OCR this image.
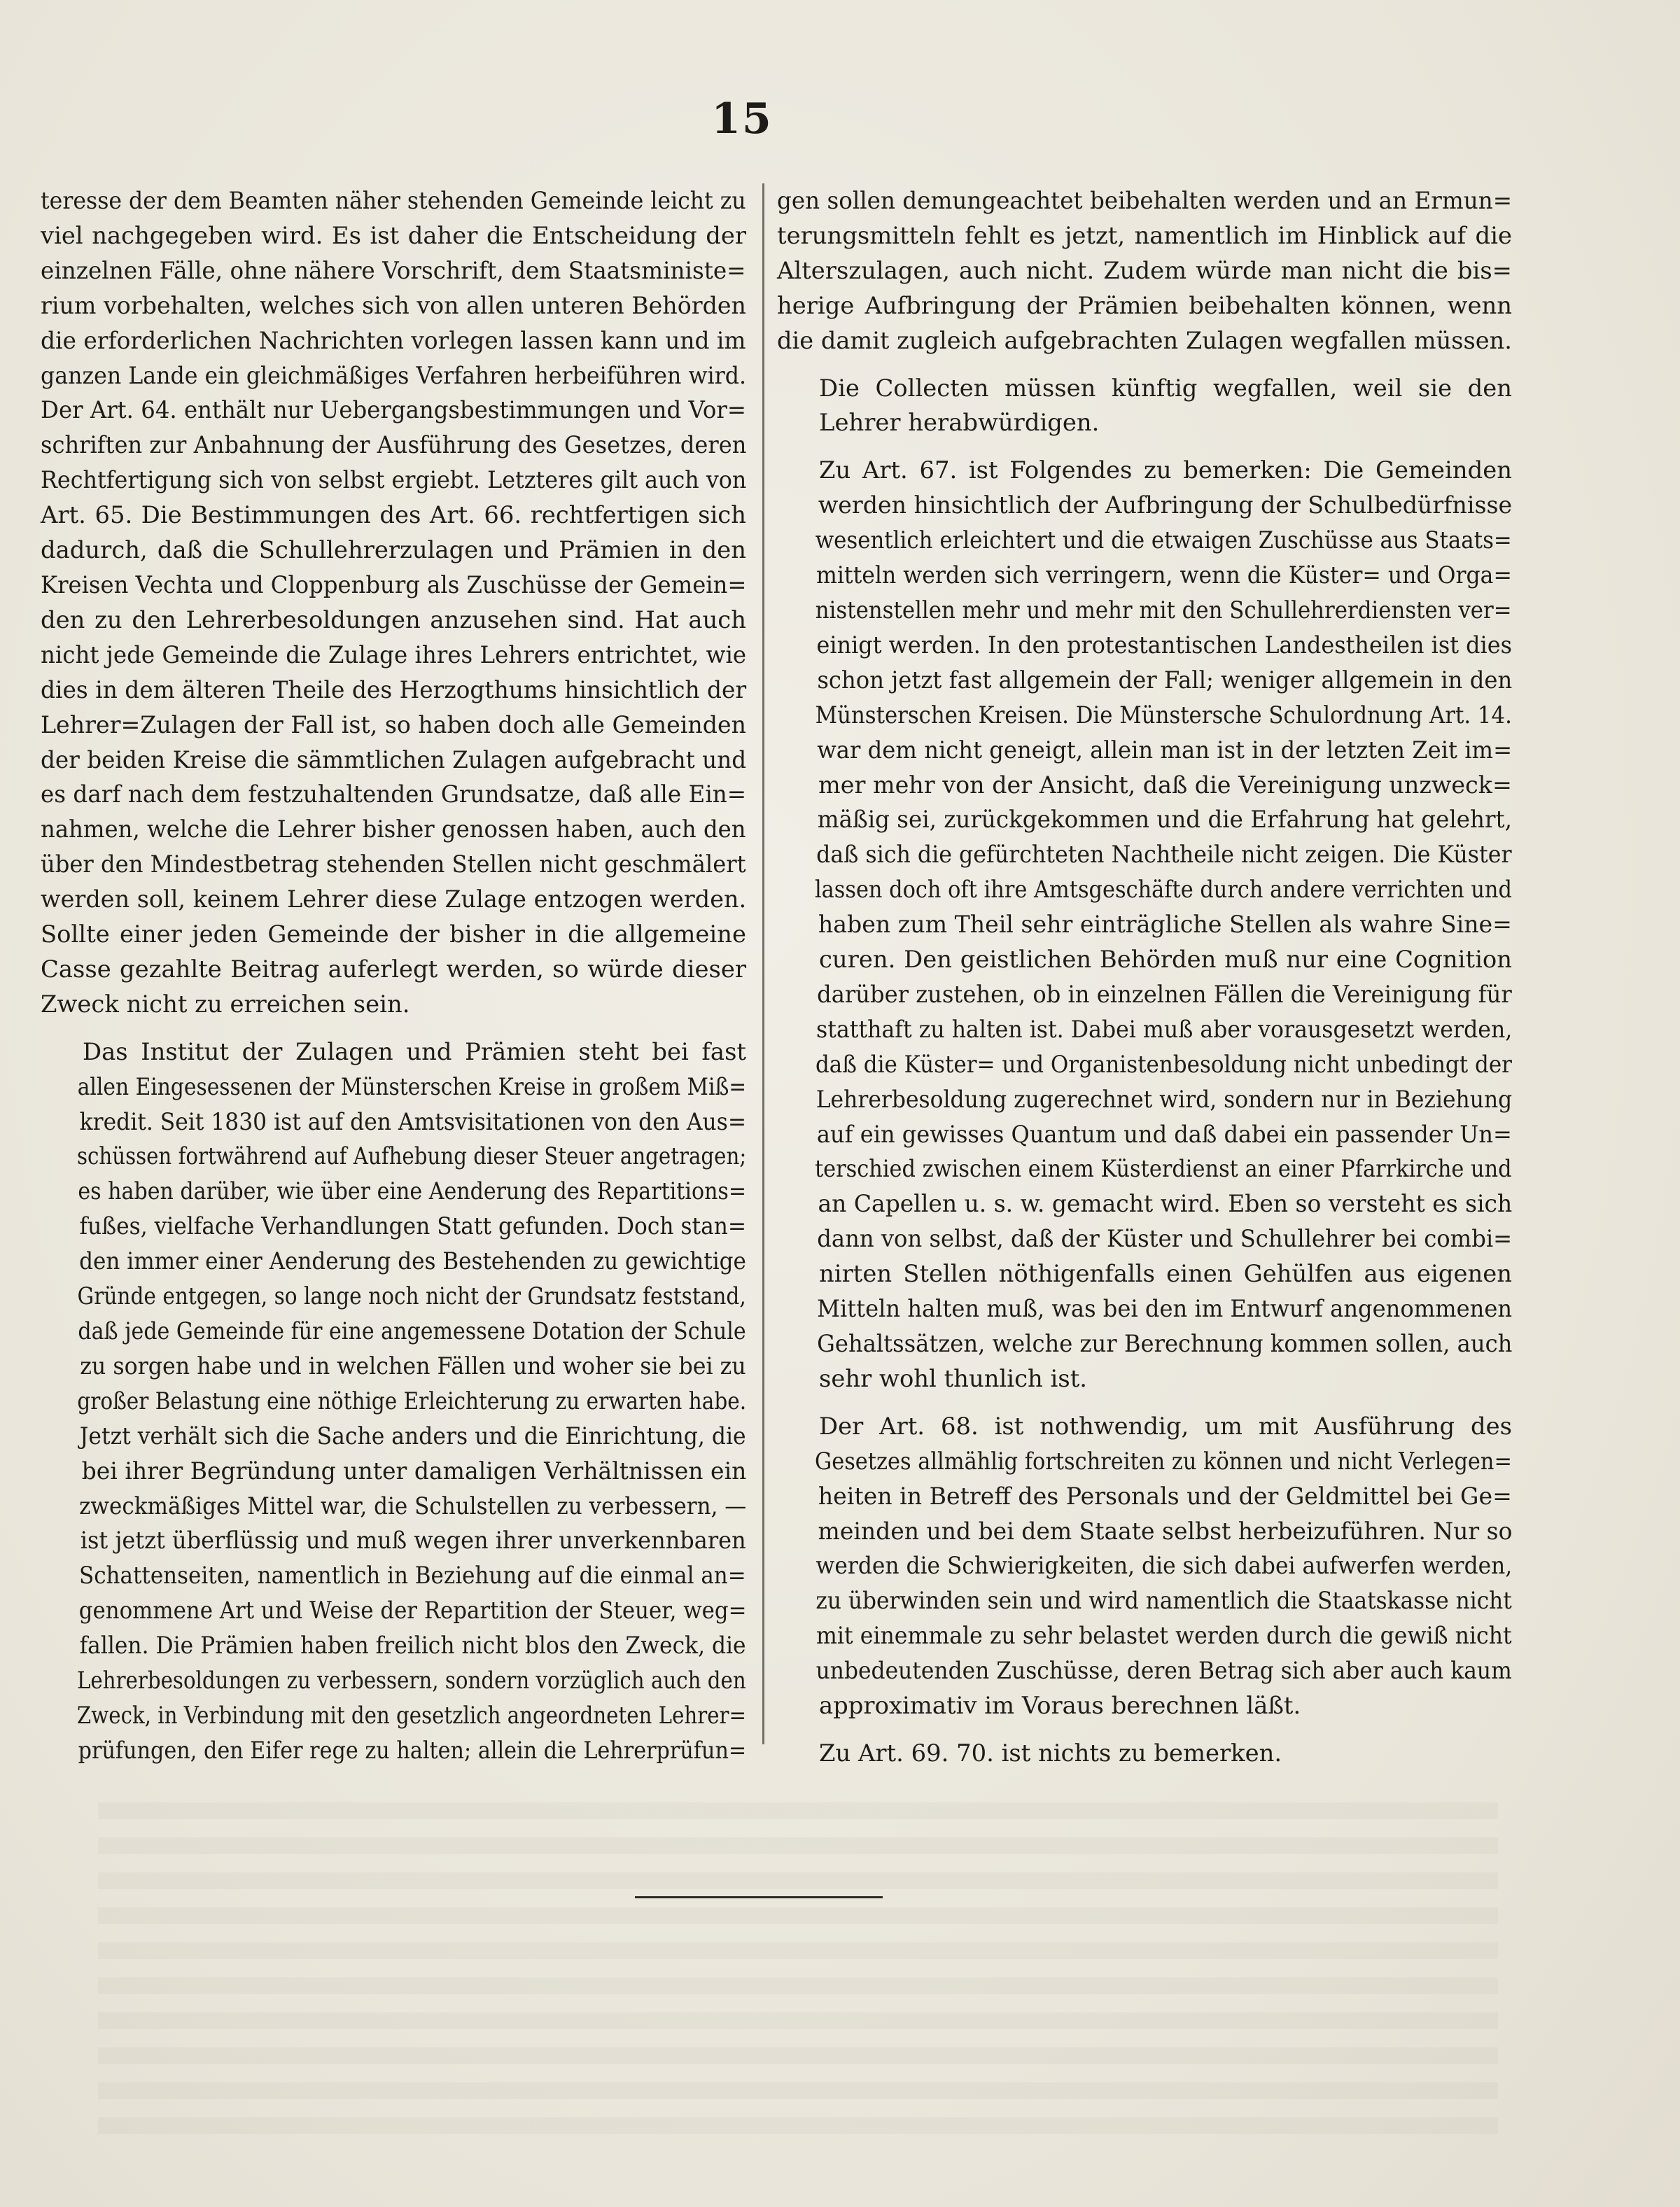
15

teresse der dem Beamten näher stehenden Gemeinde leicht zu
viel nachgegeben wird. Es ist daher die Entscheidung der
einzelnen Fälle, ohne nähere Vorschrift, dem Staatsministe=
rium vorbehalten, welches sich von allen unteren Behörden
die erforderlichen Nachrichten vorlegen lassen kann und im
ganzen Lande ein gleichmäßiges Verfahren herbeiführen wird.
Der Art. 64. enthält nur Uebergangsbestimmungen und Vor=
schriften zur Anbahnung der Ausführung des Gesetzes, deren
Rechtfertigung sich von selbst ergiebt. Letzteres gilt auch von
Art. 65. Die Bestimmungen des Art. 66. rechtfertigen sich
dadurch, daß die Schullehrerzulagen und Prämien in den
Kreisen Vechta und Cloppenburg als Zuschüsse der Gemein=
den zu den Lehrerbesoldungen anzusehen sind. Hat auch
nicht jede Gemeinde die Zulage ihres Lehrers entrichtet, wie
dies in dem älteren Theile des Herzogthums hinsichtlich der
Lehrer=Zulagen der Fall ist, so haben doch alle Gemeinden
der beiden Kreise die sämmtlichen Zulagen aufgebracht und
es darf nach dem festzuhaltenden Grundsatze, daß alle Ein=
nahmen, welche die Lehrer bisher genossen haben, auch den
über den Mindestbetrag stehenden Stellen nicht geschmälert
werden soll, keinem Lehrer diese Zulage entzogen werden.
Sollte einer jeden Gemeinde der bisher in die allgemeine
Casse gezahlte Beitrag auferlegt werden, so würde dieser
Zweck nicht zu erreichen sein.

Das Institut der Zulagen und Prämien steht bei fast
allen Eingesessenen der Münsterschen Kreise in großem Miß=
kredit. Seit 1830 ist auf den Amtsvisitationen von den Aus=
schüssen fortwährend auf Aufhebung dieser Steuer angetragen;
es haben darüber, wie über eine Aenderung des Repartitions=
fußes, vielfache Verhandlungen Statt gefunden. Doch stan=
den immer einer Aenderung des Bestehenden zu gewichtige
Gründe entgegen, so lange noch nicht der Grundsatz feststand,
daß jede Gemeinde für eine angemessene Dotation der Schule
zu sorgen habe und in welchen Fällen und woher sie bei zu
großer Belastung eine nöthige Erleichterung zu erwarten habe.
Jetzt verhält sich die Sache anders und die Einrichtung, die
bei ihrer Begründung unter damaligen Verhältnissen ein
zweckmäßiges Mittel war, die Schulstellen zu verbessern, —
ist jetzt überflüssig und muß wegen ihrer unverkennbaren
Schattenseiten, namentlich in Beziehung auf die einmal an=
genommene Art und Weise der Repartition der Steuer, weg=
fallen. Die Prämien haben freilich nicht blos den Zweck, die
Lehrerbesoldungen zu verbessern, sondern vorzüglich auch den
Zweck, in Verbindung mit den gesetzlich angeordneten Lehrer=
prüfungen, den Eifer rege zu halten; allein die Lehrerprüfun=

gen sollen demungeachtet beibehalten werden und an Ermun=
terungsmitteln fehlt es jetzt, namentlich im Hinblick auf die
Alterszulagen, auch nicht. Zudem würde man nicht die bis=
herige Aufbringung der Prämien beibehalten können, wenn
die damit zugleich aufgebrachten Zulagen wegfallen müssen.

Die Collecten müssen künftig wegfallen, weil sie den
Lehrer herabwürdigen.

Zu Art. 67. ist Folgendes zu bemerken: Die Gemeinden
werden hinsichtlich der Aufbringung der Schulbedürfnisse
wesentlich erleichtert und die etwaigen Zuschüsse aus Staats=
mitteln werden sich verringern, wenn die Küster= und Orga=
nistenstellen mehr und mehr mit den Schullehrerdiensten ver=
einigt werden. In den protestantischen Landestheilen ist dies
schon jetzt fast allgemein der Fall; weniger allgemein in den
Münsterschen Kreisen. Die Münstersche Schulordnung Art. 14.
war dem nicht geneigt, allein man ist in der letzten Zeit im=
mer mehr von der Ansicht, daß die Vereinigung unzweck=
mäßig sei, zurückgekommen und die Erfahrung hat gelehrt,
daß sich die gefürchteten Nachtheile nicht zeigen. Die Küster
lassen doch oft ihre Amtsgeschäfte durch andere verrichten und
haben zum Theil sehr einträgliche Stellen als wahre Sine=
curen. Den geistlichen Behörden muß nur eine Cognition
darüber zustehen, ob in einzelnen Fällen die Vereinigung für
statthaft zu halten ist. Dabei muß aber vorausgesetzt werden,
daß die Küster= und Organistenbesoldung nicht unbedingt der
Lehrerbesoldung zugerechnet wird, sondern nur in Beziehung
auf ein gewisses Quantum und daß dabei ein passender Un=
terschied zwischen einem Küsterdienst an einer Pfarrkirche und
an Capellen u. s. w. gemacht wird. Eben so versteht es sich
dann von selbst, daß der Küster und Schullehrer bei combi=
nirten Stellen nöthigenfalls einen Gehülfen aus eigenen
Mitteln halten muß, was bei den im Entwurf angenommenen
Gehaltssätzen, welche zur Berechnung kommen sollen, auch
sehr wohl thunlich ist.

Der Art. 68. ist nothwendig, um mit Ausführung des
Gesetzes allmählig fortschreiten zu können und nicht Verlegen=
heiten in Betreff des Personals und der Geldmittel bei Ge=
meinden und bei dem Staate selbst herbeizuführen. Nur so
werden die Schwierigkeiten, die sich dabei aufwerfen werden,
zu überwinden sein und wird namentlich die Staatskasse nicht
mit einemmale zu sehr belastet werden durch die gewiß nicht
unbedeutenden Zuschüsse, deren Betrag sich aber auch kaum
approximativ im Voraus berechnen läßt.

Zu Art. 69. 70. ist nichts zu bemerken.
